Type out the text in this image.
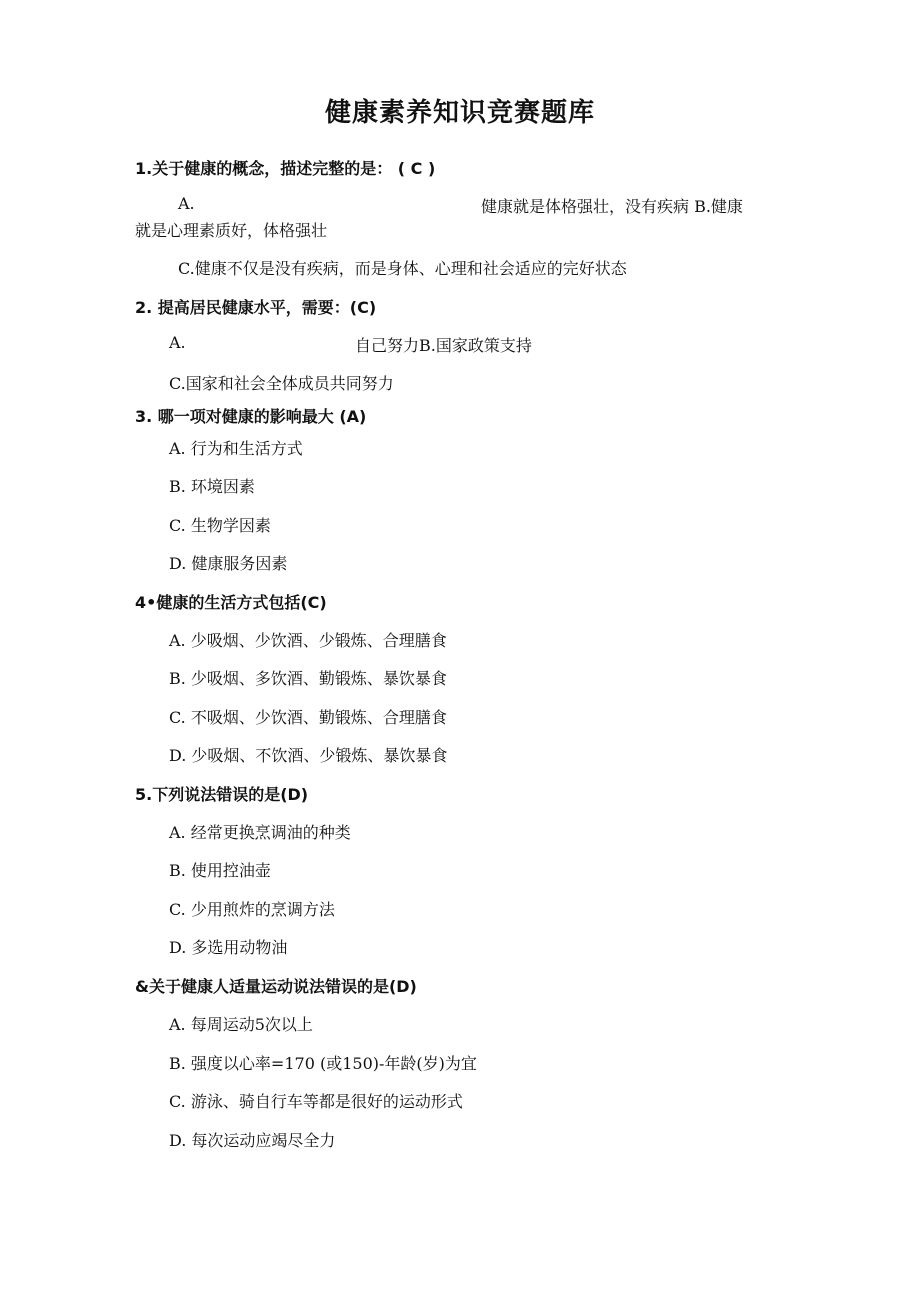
健康素养知识竞赛题库
1.关于健康的概念，描述完整的是： ( C )
A.	健康就是体格强壮，没有疾病 B.健康
就是心理素质好，体格强壮
C.健康不仅是没有疾病，而是身体、心理和社会适应的完好状态
2. 提高居民健康水平，需要：(C)
A.	自己努力B.国家政策支持
C.国家和社会全体成员共同努力
3. 哪一项对健康的影响最大 (A)
A. 行为和生活方式
B. 环境因素
C. 生物学因素
D. 健康服务因素
4•健康的生活方式包括(C)
A. 少吸烟、少饮酒、少锻炼、合理膳食
B. 少吸烟、多饮酒、勤锻炼、暴饮暴食
C. 不吸烟、少饮酒、勤锻炼、合理膳食
D. 少吸烟、不饮酒、少锻炼、暴饮暴食
5.下列说法错误的是(D)
A. 经常更换烹调油的种类
B. 使用控油壶
C. 少用煎炸的烹调方法
D. 多选用动物油
&关于健康人适量运动说法错误的是(D)
A. 每周运动5次以上
B. 强度以心率=170 (或150)-年龄(岁)为宜
C. 游泳、骑自行车等都是很好的运动形式
D. 每次运动应竭尽全力
